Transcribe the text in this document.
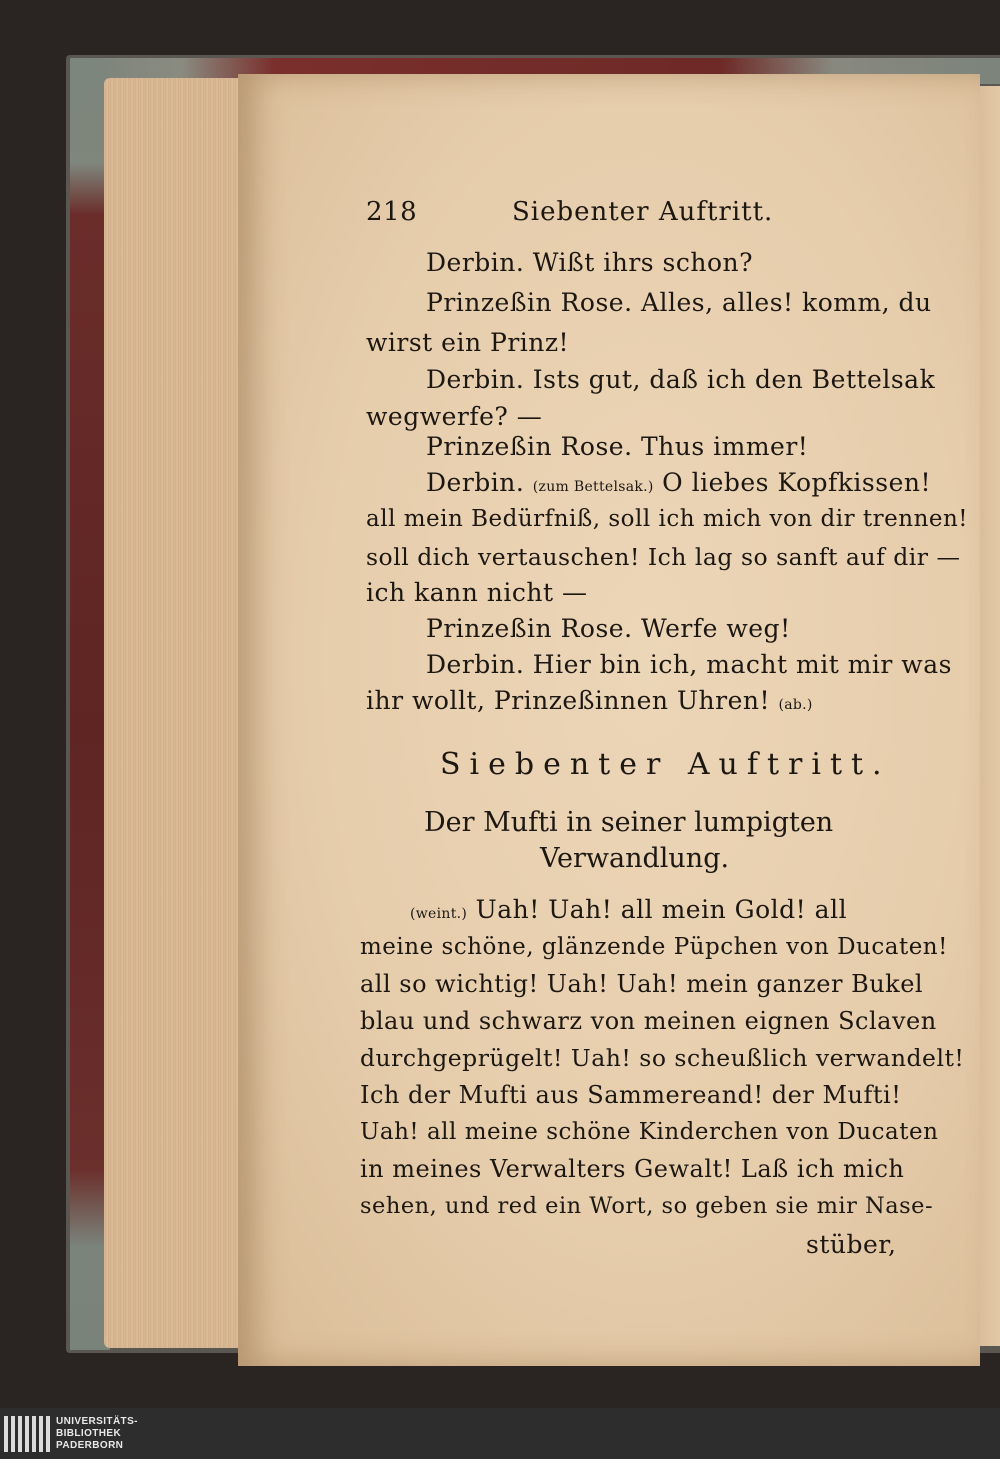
218	Siebenter Auftritt.
Derbin. Wißt ihrs schon?
Prinzeßin Rose. Alles, alles! komm, du
wirst ein Prinz!
Derbin. Ists gut, daß ich den Bettelsak
wegwerfe? —
Prinzeßin Rose. Thus immer!
Derbin. (zum Bettelsak.) O liebes Kopfkissen!
all mein Bedürfniß, soll ich mich von dir trennen!
soll dich vertauschen! Ich lag so sanft auf dir —
ich kann nicht —
Prinzeßin Rose. Werfe weg!
Derbin. Hier bin ich, macht mit mir was
ihr wollt, Prinzeßinnen Uhren! (ab.)
Siebenter Auftritt.
Der Mufti in seiner lumpigten
Verwandlung.
(weint.) Uah! Uah! all mein Gold! all
meine schöne, glänzende Püpchen von Ducaten!
all so wichtig! Uah! Uah! mein ganzer Bukel
blau und schwarz von meinen eignen Sclaven
durchgeprügelt! Uah! so scheußlich verwandelt!
Ich der Mufti aus Sammereand! der Mufti!
Uah! all meine schöne Kinderchen von Ducaten
in meines Verwalters Gewalt! Laß ich mich
sehen, und red ein Wort, so geben sie mir Nase-
stüber,
UNIVERSITÄTS-
BIBLIOTHEK
PADERBORN
